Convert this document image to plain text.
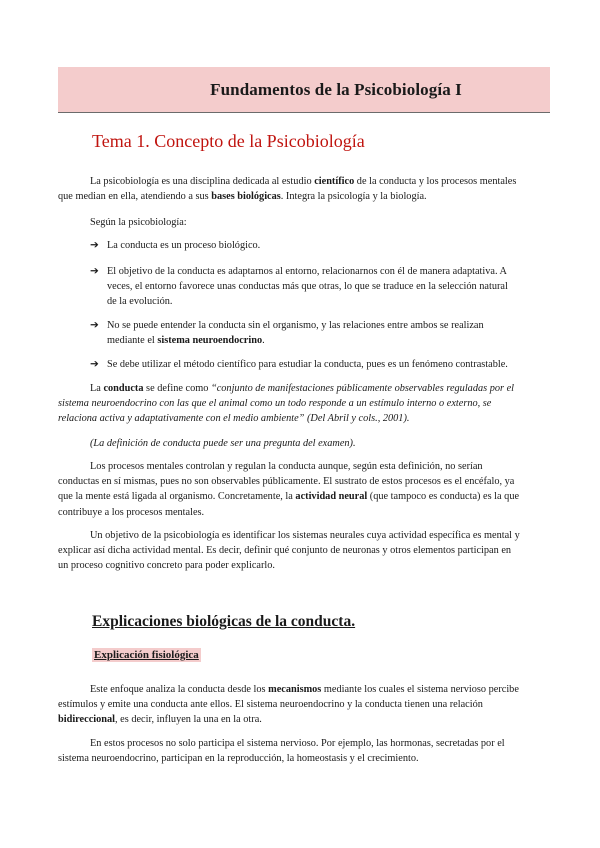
Fundamentos de la Psicobiología I
Tema 1. Concepto de la Psicobiología
La psicobiología es una disciplina dedicada al estudio científico de la conducta y los procesos mentales
que median en ella, atendiendo a sus bases biológicas. Integra la psicología y la biología.
Según la psicobiología:
➔ La conducta es un proceso biológico.
➔ El objetivo de la conducta es adaptarnos al entorno, relacionarnos con él de manera adaptativa. A
veces, el entorno favorece unas conductas más que otras, lo que se traduce en la selección natural
de la evolución.
➔ No se puede entender la conducta sin el organismo, y las relaciones entre ambos se realizan
mediante el sistema neuroendocrino.
➔ Se debe utilizar el método científico para estudiar la conducta, pues es un fenómeno contrastable.
La conducta se define como “conjunto de manifestaciones públicamente observables reguladas por el
sistema neuroendocrino con las que el animal como un todo responde a un estímulo interno o externo, se
relaciona activa y adaptativamente con el medio ambiente” (Del Abril y cols., 2001).
(La definición de conducta puede ser una pregunta del examen).
Los procesos mentales controlan y regulan la conducta aunque, según esta definición, no serían
conductas en sí mismas, pues no son observables públicamente. El sustrato de estos procesos es el encéfalo, ya
que la mente está ligada al organismo. Concretamente, la actividad neural (que tampoco es conducta) es la que
contribuye a los procesos mentales.
Un objetivo de la psicobiología es identificar los sistemas neurales cuya actividad específica es mental y
explicar así dicha actividad mental. Es decir, definir qué conjunto de neuronas y otros elementos participan en
un proceso cognitivo concreto para poder explicarlo.
Explicaciones biológicas de la conducta.
Explicación fisiológica
Este enfoque analiza la conducta desde los mecanismos mediante los cuales el sistema nervioso percibe
estímulos y emite una conducta ante ellos. El sistema neuroendocrino y la conducta tienen una relación
bidireccional, es decir, influyen la una en la otra.
En estos procesos no solo participa el sistema nervioso. Por ejemplo, las hormonas, secretadas por el
sistema neuroendocrino, participan en la reproducción, la homeostasis y el crecimiento.
